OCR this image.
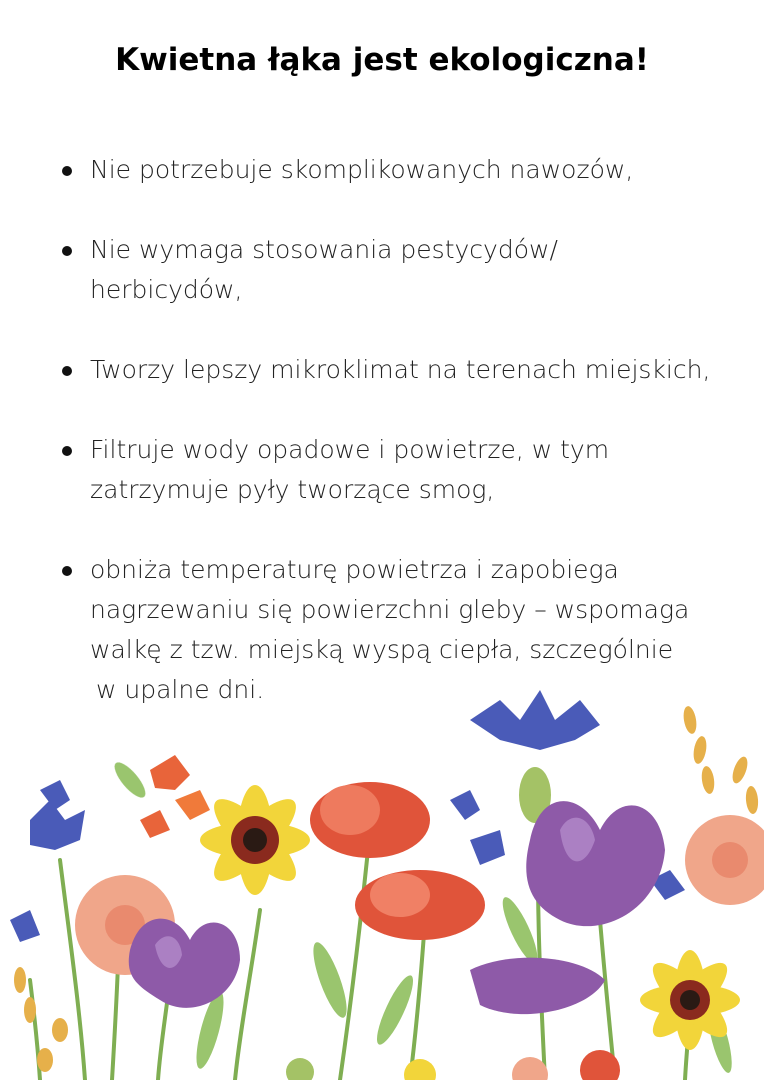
Kwietna łąka jest ekologiczna!
Nie potrzebuje skomplikowanych nawozów,
Nie wymaga stosowania pestycydów/
herbicydów,
Tworzy lepszy mikroklimat na terenach miejskich,
Filtruje wody opadowe i powietrze, w tym
zatrzymuje pyły tworzące smog,
obniża temperaturę powietrza i zapobiega
nagrzewaniu się powierzchni gleby – wspomaga
walkę z tzw. miejską wyspą ciepła, szczególnie
w upalne dni.
